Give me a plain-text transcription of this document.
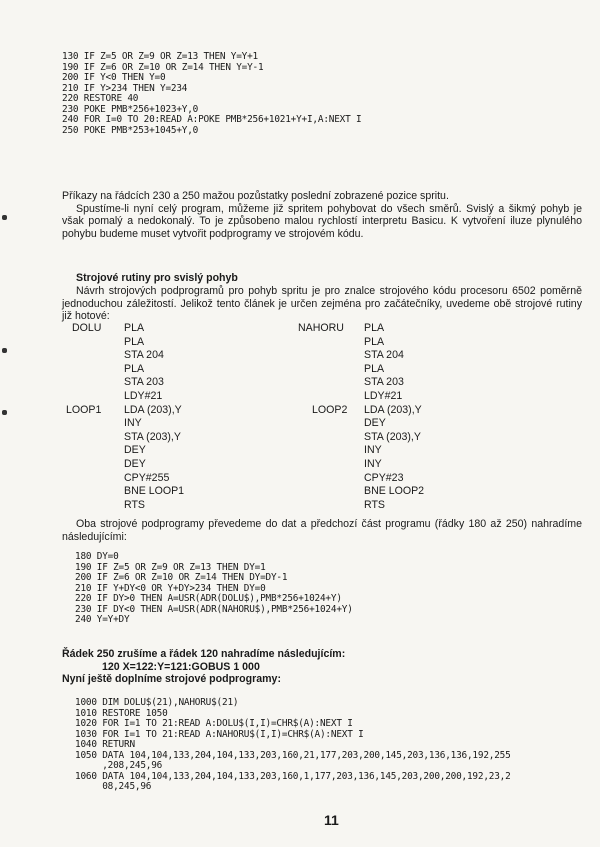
130 IF Z=5 OR Z=9 OR Z=13 THEN Y=Y+1
190 IF Z=6 OR Z=10 OR Z=14 THEN Y=Y-1
200 IF Y<0 THEN Y=0
210 IF Y>234 THEN Y=234
220 RESTORE 40
230 POKE PMB*256+1023+Y,0
240 FOR I=0 TO 20:READ A:POKE PMB*256+1021+Y+I,A:NEXT I
250 POKE PMB*253+1045+Y,0

Příkazy na řádcích 230 a 250 mažou pozůstatky poslední zobrazené pozice spritu.

Spustíme-li nyní celý program, můžeme již spritem pohybovat do všech směrů. Svislý a šikmý pohyb je však pomalý a nedokonalý. To je způsobeno malou rychlostí interpretu Basicu. K vytvoření iluze plynulého pohybu budeme muset vytvořit podprogramy ve strojovém kódu.

Strojové rutiny pro svislý pohyb

Návrh strojových podprogramů pro pohyb spritu je pro znalce strojového kódu procesoru 6502 poměrně jednoduchou záležitostí. Jelikož tento článek je určen zejména pro začátečníky, uvedeme obě strojové rutiny již hotové:

DOLU
LOOP1
PLA
PLA
STA 204
PLA
STA 203
LDY#21
LDA (203),Y
INY
STA (203),Y
DEY
DEY
CPY#255
BNE LOOP1
RTS
NAHORU
LOOP2
PLA
PLA
STA 204
PLA
STA 203
LDY#21
LDA (203),Y
DEY
STA (203),Y
INY
INY
CPY#23
BNE LOOP2
RTS

Oba strojové podprogramy převedeme do dat a předchozí část programu (řádky 180 až 250) nahradíme následujícími:

180 DY=0
190 IF Z=5 OR Z=9 OR Z=13 THEN DY=1
200 IF Z=6 OR Z=10 OR Z=14 THEN DY=DY-1
210 IF Y+DY<0 OR Y+DY>234 THEN DY=0
220 IF DY>0 THEN A=USR(ADR(DOLU$),PMB*256+1024+Y)
230 IF DY<0 THEN A=USR(ADR(NAHORU$),PMB*256+1024+Y)
240 Y=Y+DY

Řádek 250 zrušíme a řádek 120 nahradíme následujícím:

120 X=122:Y=121:GOBUS 1 000

Nyní ještě doplníme strojové podprogramy:

1000 DIM DOLU$(21),NAHORU$(21)
1010 RESTORE 1050
1020 FOR I=1 TO 21:READ A:DOLU$(I,I)=CHR$(A):NEXT I
1030 FOR I=1 TO 21:READ A:NAHORU$(I,I)=CHR$(A):NEXT I
1040 RETURN
1050 DATA 104,104,133,204,104,133,203,160,21,177,203,200,145,203,136,136,192,255
,208,245,96
1060 DATA 104,104,133,204,104,133,203,160,1,177,203,136,145,203,200,200,192,23,2
08,245,96
11
